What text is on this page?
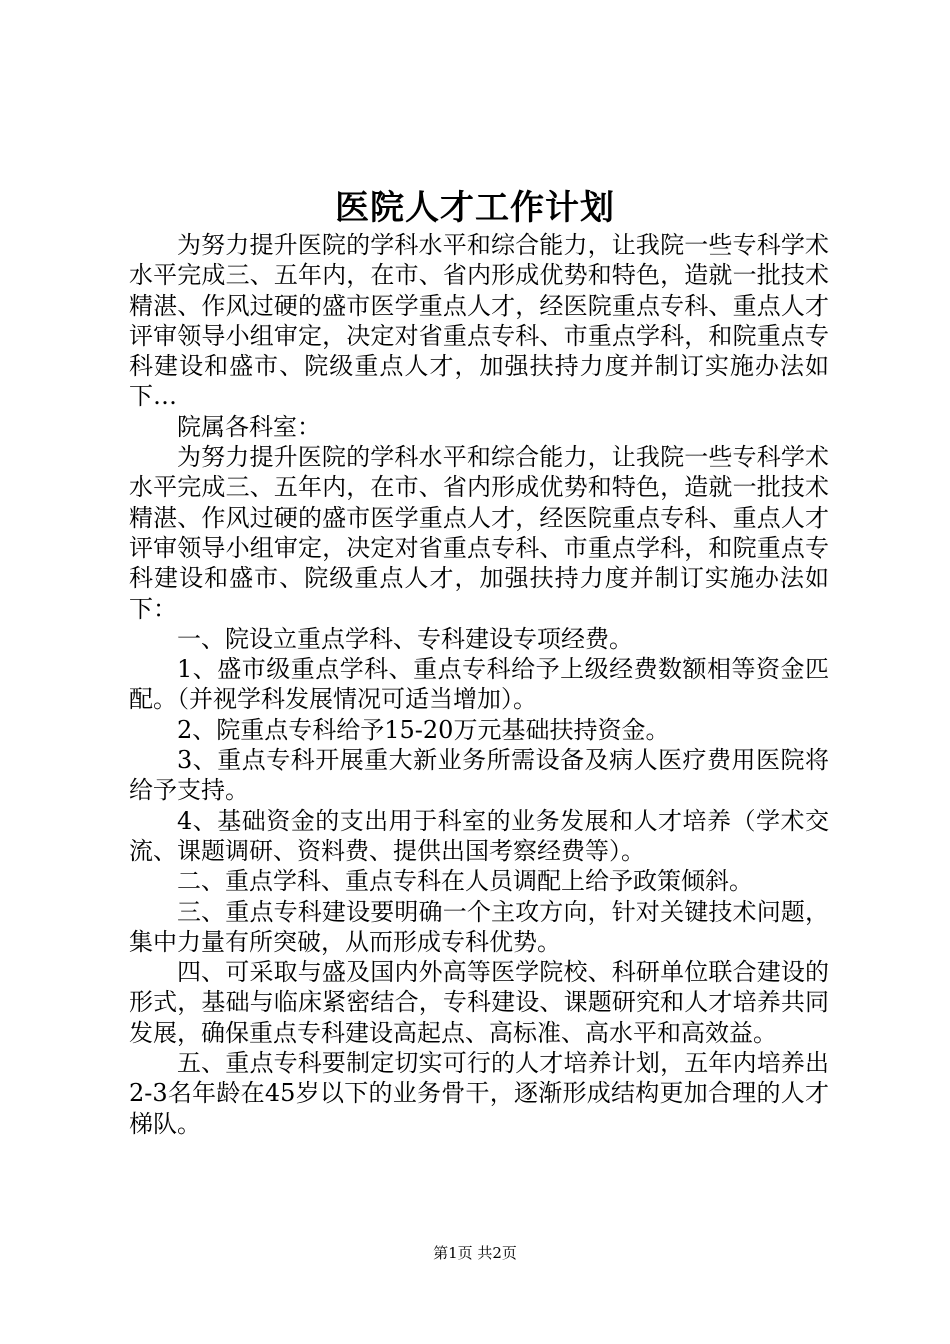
医院人才工作计划

为努力提升医院的学科水平和综合能力，让我院一些专科学术水平完成三、五年内，在市、省内形成优势和特色，造就一批技术精湛、作风过硬的盛市医学重点人才，经医院重点专科、重点人才评审领导小组审定，决定对省重点专科、市重点学科，和院重点专科建设和盛市、院级重点人才，加强扶持力度并制订实施办法如下…

院属各科室：

为努力提升医院的学科水平和综合能力，让我院一些专科学术水平完成三、五年内，在市、省内形成优势和特色，造就一批技术精湛、作风过硬的盛市医学重点人才，经医院重点专科、重点人才评审领导小组审定，决定对省重点专科、市重点学科，和院重点专科建设和盛市、院级重点人才，加强扶持力度并制订实施办法如下：

一、院设立重点学科、专科建设专项经费。

1、盛市级重点学科、重点专科给予上级经费数额相等资金匹配。（并视学科发展情况可适当增加）。

2、院重点专科给予15-20万元基础扶持资金。

3、重点专科开展重大新业务所需设备及病人医疗费用医院将给予支持。

4、基础资金的支出用于科室的业务发展和人才培养（学术交流、课题调研、资料费、提供出国考察经费等）。

二、重点学科、重点专科在人员调配上给予政策倾斜。

三、重点专科建设要明确一个主攻方向，针对关键技术问题，集中力量有所突破，从而形成专科优势。

四、可采取与盛及国内外高等医学院校、科研单位联合建设的形式，基础与临床紧密结合，专科建设、课题研究和人才培养共同发展，确保重点专科建设高起点、高标准、高水平和高效益。

五、重点专科要制定切实可行的人才培养计划，五年内培养出2-3名年龄在45岁以下的业务骨干，逐渐形成结构更加合理的人才梯队。

第1页 共2页
